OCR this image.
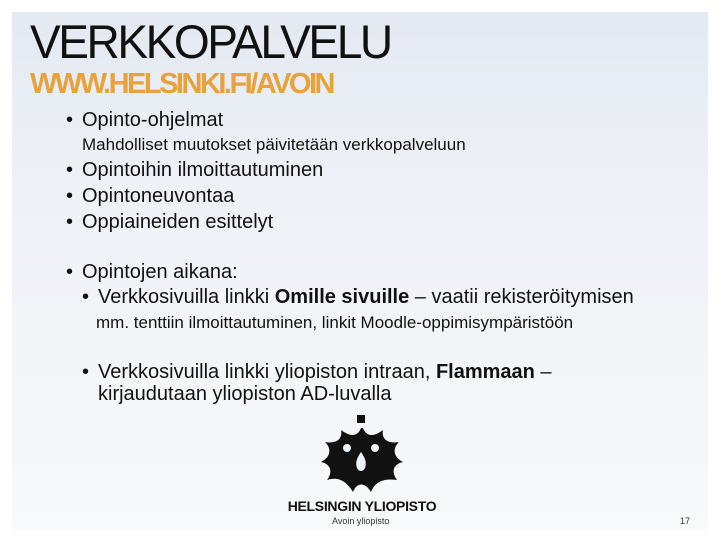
VERKKOPALVELU
WWW.HELSINKI.FI/AVOIN
• Opinto-ohjelmat
Mahdolliset muutokset päivitetään verkkopalveluun
• Opintoihin ilmoittautuminen
• Opintoneuvontaa
• Oppiaineiden esittelyt
• Opintojen aikana:
• Verkkosivuilla linkki Omille sivuille – vaatii rekisteröitymisen
mm. tenttiin ilmoittautuminen, linkit Moodle-oppimisympäristöön
• Verkkosivuilla linkki yliopiston intraan, Flammaan –
kirjaudutaan yliopiston AD-luvalla
HELSINGIN YLIOPISTO
Avoin yliopisto	17
